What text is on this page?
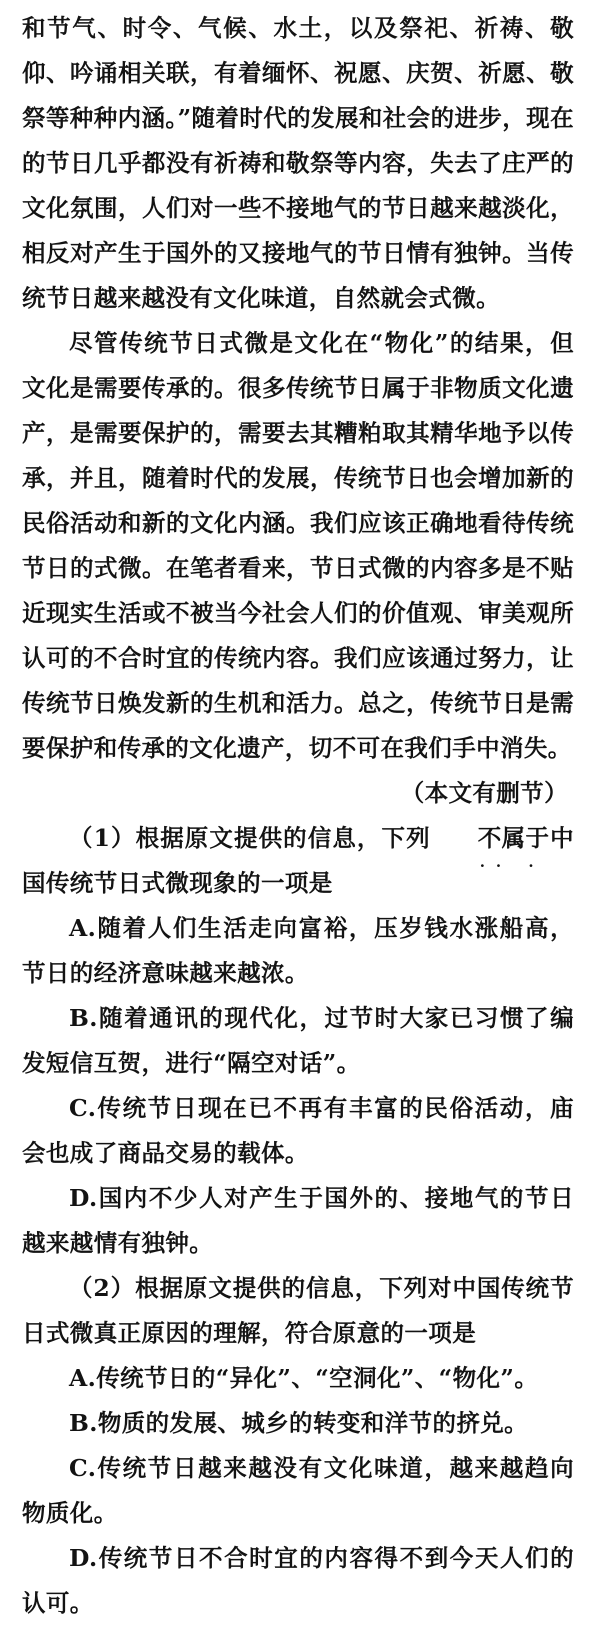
和节气、时令、气候、水土，以及祭祀、祈祷、敬仰、吟诵相关联，有着缅怀、祝愿、庆贺、祈愿、敬祭等种种内涵。”随着时代的发展和社会的进步，现在的节日几乎都没有祈祷和敬祭等内容，失去了庄严的文化氛围，人们对一些不接地气的节日越来越淡化，相反对产生于国外的又接地气的节日情有独钟。当传统节日越来越没有文化味道，自然就会式微。

尽管传统节日式微是文化在“物化”的结果，但文化是需要传承的。很多传统节日属于非物质文化遗产，是需要保护的，需要去其糟粕取其精华地予以传承，并且，随着时代的发展，传统节日也会增加新的民俗活动和新的文化内涵。我们应该正确地看待传统节日的式微。在笔者看来，节日式微的内容多是不贴近现实生活或不被当今社会人们的价值观、审美观所认可的不合时宜的传统内容。我们应该通过努力，让传统节日焕发新的生机和活力。总之，传统节日是需要保护和传承的文化遗产，切不可在我们手中消失。

（本文有删节）

（1）根据原文提供的信息，下列 不属于 ·· ·中国传统节日式微现象的一项是

A.随着人们生活走向富裕，压岁钱水涨船高，节日的经济意味越来越浓。

B.随着通讯的现代化，过节时大家已习惯了编发短信互贺，进行“隔空对话”。

C.传统节日现在已不再有丰富的民俗活动，庙会也成了商品交易的载体。

D.国内不少人对产生于国外的、接地气的节日越来越情有独钟。

（2）根据原文提供的信息，下列对中国传统节日式微真正原因的理解，符合原意的一项是

A.传统节日的“异化”、“空洞化”、“物化”。

B.物质的发展、城乡的转变和洋节的挤兑。

C.传统节日越来越没有文化味道，越来越趋向物质化。

D.传统节日不合时宜的内容得不到今天人们的认可。
